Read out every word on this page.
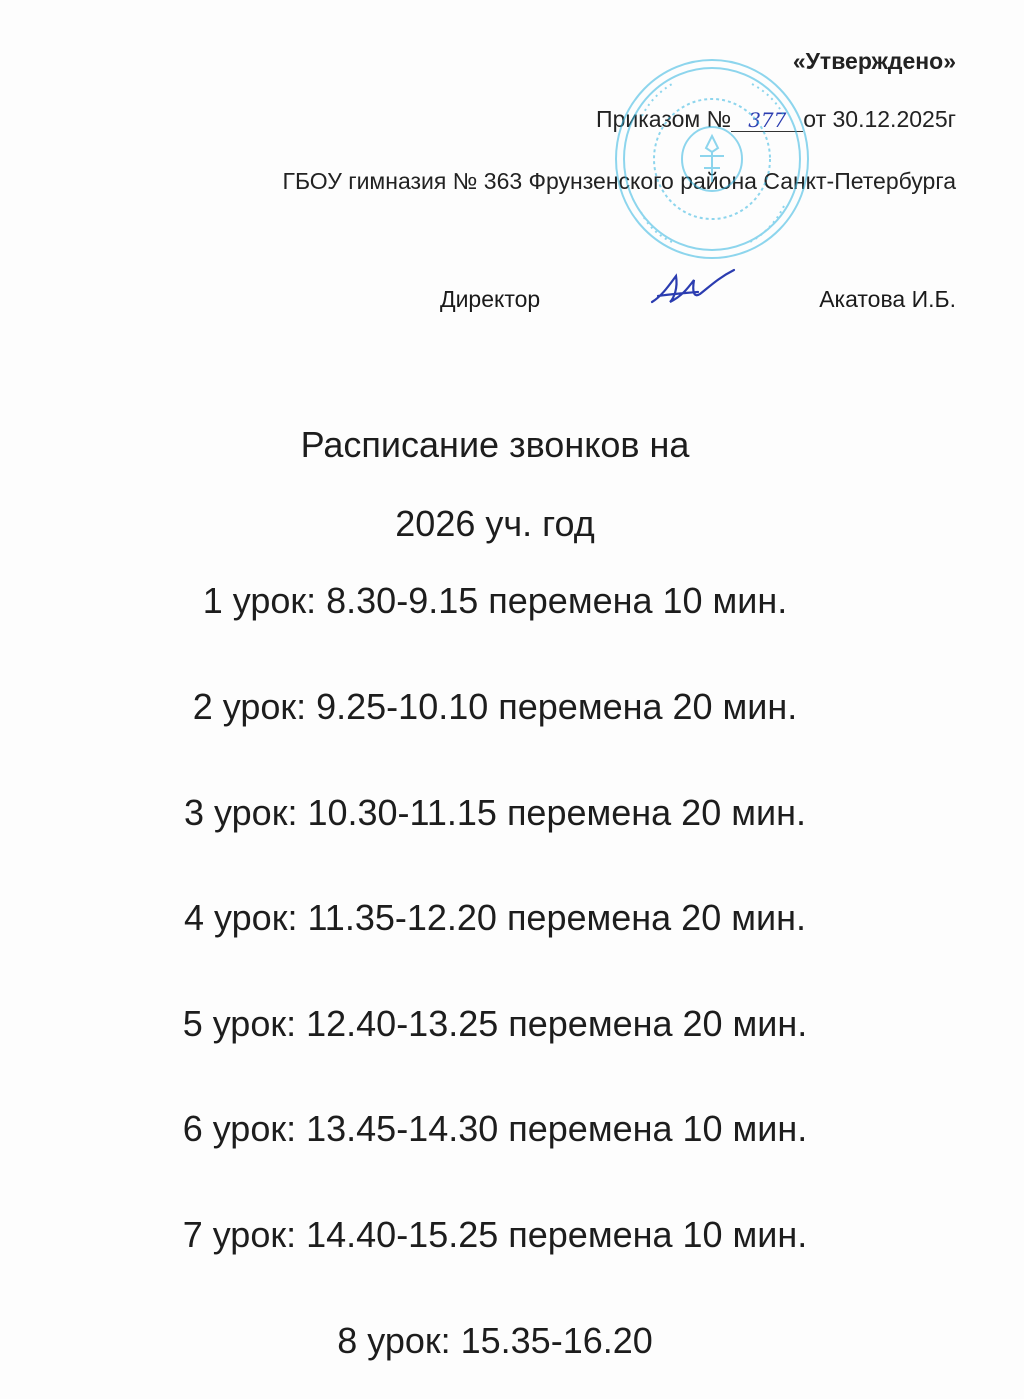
«Утверждено»
Приказом № 377 от 30.12.2025г
ГБОУ гимназия № 363 Фрунзенского района Санкт-Петербурга
Директор	Акатова И.Б.
Расписание звонков на
2026 уч. год
1 урок: 8.30-9.15 перемена 10 мин.
2 урок: 9.25-10.10 перемена 20 мин.
3 урок: 10.30-11.15 перемена 20 мин.
4 урок: 11.35-12.20 перемена 20 мин.
5 урок: 12.40-13.25 перемена 20 мин.
6 урок: 13.45-14.30 перемена 10 мин.
7 урок: 14.40-15.25 перемена 10 мин.
8 урок: 15.35-16.20
